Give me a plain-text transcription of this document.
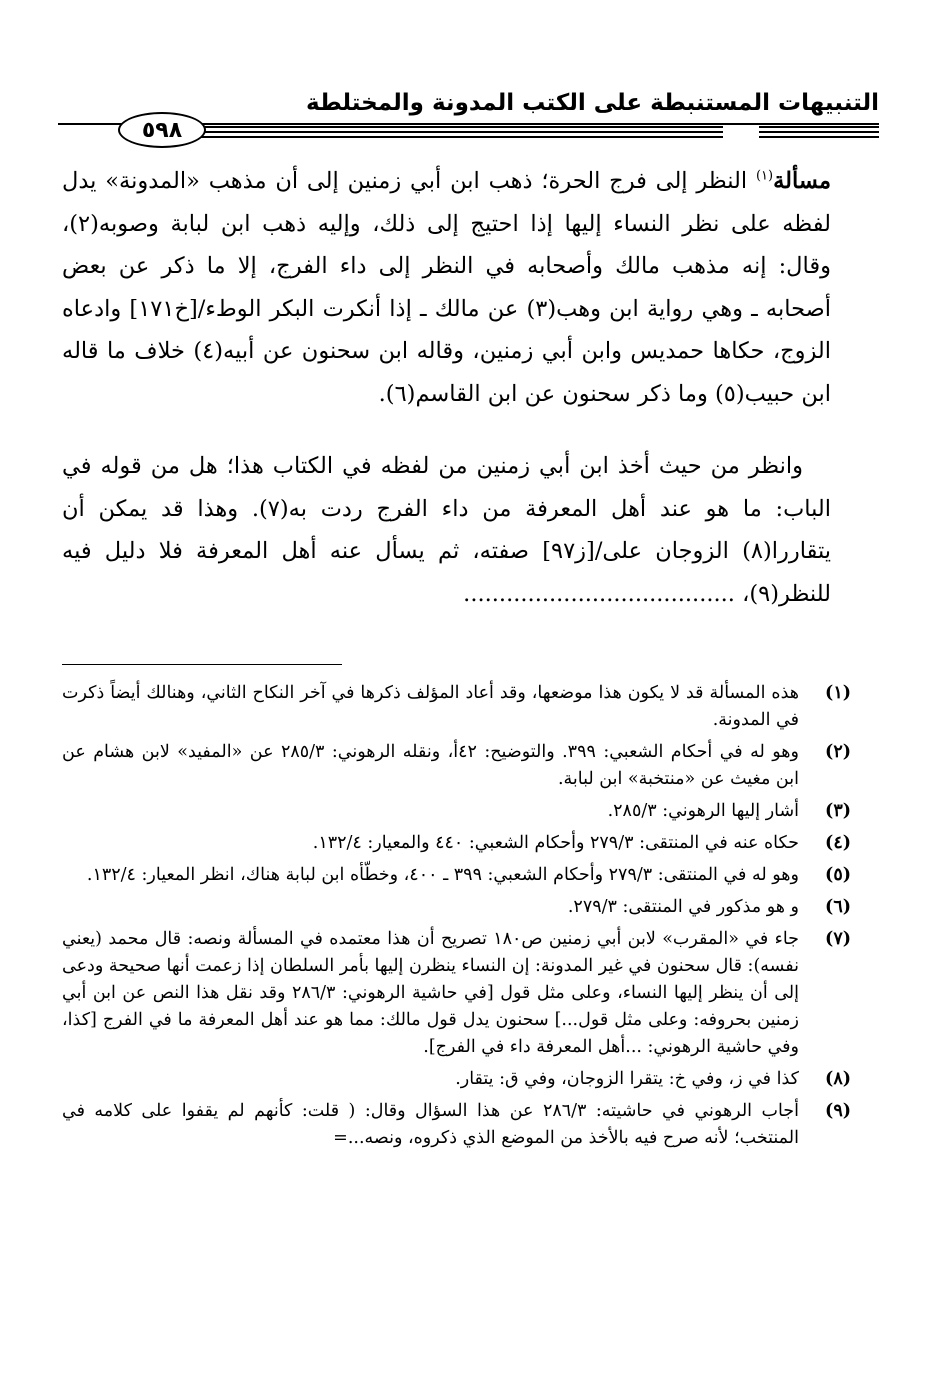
التنبيهات المستنبطة على الكتب المدونة والمختلطة
٥٩٨

مسألة$^{(١)}$ النظر إلى فرج الحرة؛ ذهب ابن أبي زمنين إلى أن مذهب «المدونة» يدل لفظه على نظر النساء إليها إذا احتيج إلى ذلك، وإليه ذهب ابن لبابة وصوبه(٢)، وقال: إنه مذهب مالك وأصحابه في النظر إلى داء الفرج، إلا ما ذكر عن بعض أصحابه ـ وهي رواية ابن وهب(٣) عن مالك ـ إذا أنكرت البكر الوطء/[خ١٧١] وادعاه الزوج، حكاها حمديس وابن أبي زمنين، وقاله ابن سحنون عن أبيه(٤) خلاف ما قاله ابن حبيب(٥) وما ذكر سحنون عن ابن القاسم(٦).

وانظر من حيث أخذ ابن أبي زمنين من لفظه في الكتاب هذا؛ هل من قوله في الباب: ما هو عند أهل المعرفة من داء الفرج ردت به(٧). وهذا قد يمكن أن يتقاررا(٨) الزوجان على/[ز٩٧] صفته، ثم يسأل عنه أهل المعرفة فلا دليل فيه للنظر(٩)، ......................................

(١)
هذه المسألة قد لا يكون هذا موضعها، وقد أعاد المؤلف ذكرها في آخر النكاح الثاني، وهنالك أيضاً ذكرت في المدونة.
(٢)
وهو له في أحكام الشعبي: ٣٩٩. والتوضيح: ٤٢أ، ونقله الرهوني: ٢٨٥/٣ عن «المفيد» لابن هشام عن ابن مغيث عن «منتخبة» ابن لبابة.
(٣)
أشار إليها الرهوني: ٢٨٥/٣.
(٤)
حكاه عنه في المنتقى: ٢٧٩/٣ وأحكام الشعبي: ٤٤٠ والمعيار: ١٣٢/٤.
(٥)
وهو له في المنتقى: ٢٧٩/٣ وأحكام الشعبي: ٣٩٩ ـ ٤٠٠، وخطّأه ابن لبابة هناك، انظر المعيار: ١٣٢/٤.
(٦)
و هو مذكور في المنتقى: ٢٧٩/٣.
(٧)
جاء في «المقرب» لابن أبي زمنين ص١٨٠ تصريح أن هذا معتمده في المسألة ونصه: قال محمد (يعني نفسه): قال سحنون في غير المدونة: إن النساء ينظرن إليها بأمر السلطان إذا زعمت أنها صحيحة ودعى إلى أن ينظر إليها النساء، وعلى مثل قول [في حاشية الرهوني: ٢٨٦/٣ وقد نقل هذا النص عن ابن أبي زمنين بحروفه: وعلى مثل قول...] سحنون يدل قول مالك: مما هو عند أهل المعرفة ما في الفرج [كذا، وفي حاشية الرهوني: ...أهل المعرفة داء في الفرج].
(٨)
كذا في ز، وفي خ: يتقرا الزوجان، وفي ق: يتقار.
(٩)
أجاب الرهوني في حاشيته: ٢٨٦/٣ عن هذا السؤال وقال: ( قلت: كأنهم لم يقفوا على كلامه في المنتخب؛ لأنه صرح فيه بالأخذ من الموضع الذي ذكروه، ونصه...=
